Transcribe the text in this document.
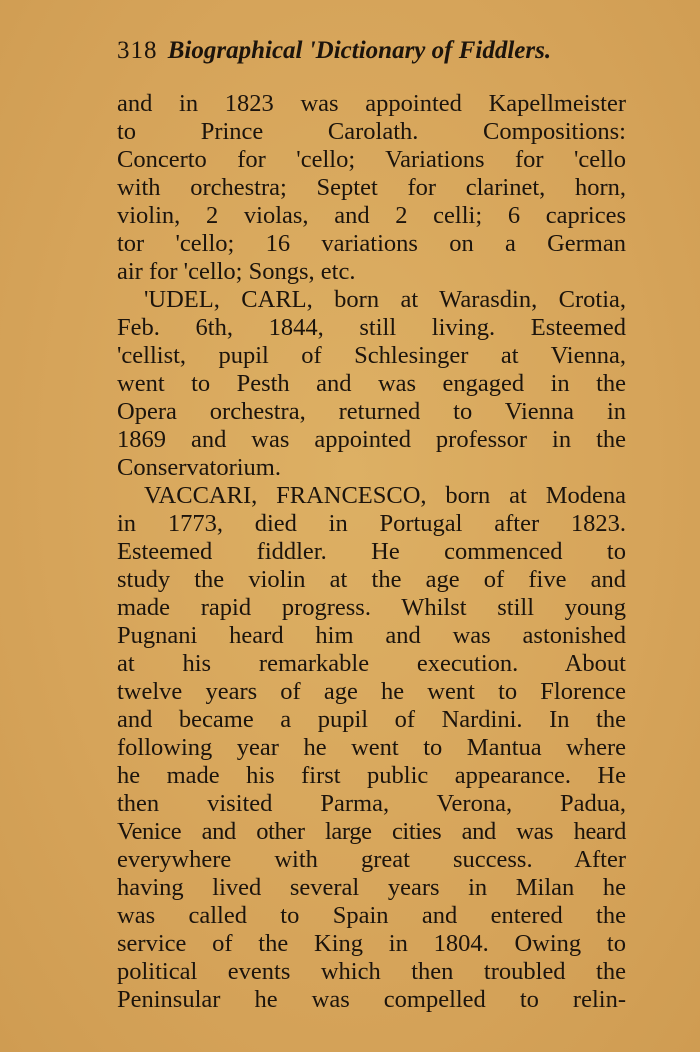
318 Biographical 'Dictionary of Fiddlers.
and in 1823 was appointed Kapellmeister
to Prince Carolath. Compositions:
Concerto for 'cello; Variations for 'cello
with orchestra; Septet for clarinet, horn,
violin, 2 violas, and 2 celli; 6 caprices
tor 'cello; 16 variations on a German
air for 'cello; Songs, etc.
'UDEL, CARL, born at Warasdin, Crotia,
Feb. 6th, 1844, still living. Esteemed
'cellist, pupil of Schlesinger at Vienna,
went to Pesth and was engaged in the
Opera orchestra, returned to Vienna in
1869 and was appointed professor in the
Conservatorium.
VACCARI, FRANCESCO, born at Modena
in 1773, died in Portugal after 1823.
Esteemed fiddler. He commenced to
study the violin at the age of five and
made rapid progress. Whilst still young
Pugnani heard him and was astonished
at his remarkable execution. About
twelve years of age he went to Florence
and became a pupil of Nardini. In the
following year he went to Mantua where
he made his first public appearance. He
then visited Parma, Verona, Padua,
Venice and other large cities and was heard
everywhere with great success. After
having lived several years in Milan he
was called to Spain and entered the
service of the King in 1804. Owing to
political events which then troubled the
Peninsular he was compelled to relin-
